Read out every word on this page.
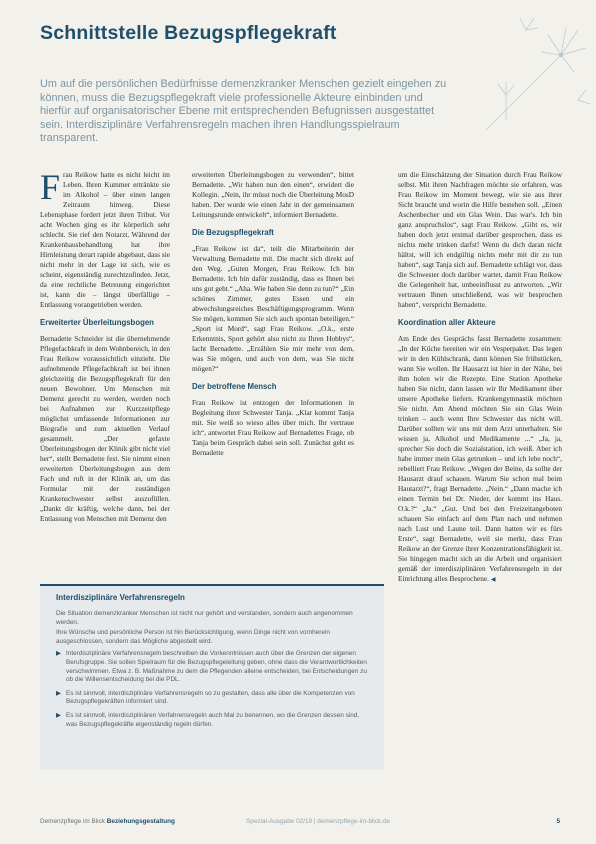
Schnittstelle Bezugspflegekraft
Um auf die persönlichen Bedürfnisse demenzkranker Menschen gezielt eingehen zu können, muss die Bezugspflegekraft viele professionelle Akteure einbinden und hierfür auf organisatorischer Ebene mit entsprechenden Befugnissen ausgestattet sein. Interdisziplinäre Verfahrensregeln machen ihren Handlungsspielraum transparent.

Frau Reikow hatte es nicht leicht im Leben. Ihren Kummer ertränkte sie im Alkohol – über einen langen Zeitraum hinweg. Diese Lebensphase fordert jetzt ihren Tribut. Vor acht Wochen ging es ihr körperlich sehr schlecht. Sie rief den Notarzt. Während der Krankenhausbehandlung hat ihre Hirnleistung derart rapide abgebaut, dass sie nicht mehr in der Lage ist sich, wie es scheint, eigenständig zurechtzufinden. Jetzt, da eine rechtliche Betreuung eingerichtet ist, kann die – längst überfällige – Entlassung vorangetrieben werden.

Erweiterter Überleitungsbogen

Bernadette Schneider ist die übernehmende Pflegefachkraft in dem Wohnbereich, in den Frau Reikow voraussichtlich einzieht. Die aufnehmende Pflegefachkraft ist bei ihnen gleichzeitig die Bezugspflegekraft für den neuen Bewohner. Um Menschen mit Demenz gerecht zu werden, werden noch bei Aufnahmen zur Kurzzeitpflege möglichst umfassende Informationen zur Biografie und zum aktuellen Verlauf gesammelt. „Der gefaxte Überleitungsbogen der Klinik gibt nicht viel her“, stellt Bernadette fest. Sie nimmt einen erweiterten Überleitungsbogen aus dem Fach und ruft in der Klinik an, um das Formular mit der zuständigen Krankenschwester selbst auszufüllen. „Dankt dir kräftig, welche dann, bei der Entlassung von Menschen mit Demenz den

erweiterten Überleitungsbogen zu verwenden“, bittet Bernadette. „Wir haben nun den einen“, erwidert die Kollegin. „Nein, ihr müsst noch die Überleitung MosD haben. Der wurde wie einen Jahr in der gemeinsamen Leitungsrunde entwickelt“, informiert Bernadette.

Die Bezugspflegekraft

„Frau Reikow ist da“, teilt die Mitarbeiterin der Verwaltung Bernadette mit. Die macht sich direkt auf den Weg. „Guten Morgen, Frau Reikow. Ich bin Bernadette. Ich bin dafür zuständig, dass es Ihnen bei uns gut geht.“ „Aha. Wie haben Sie denn zu tun?“ „Ein schönes Zimmer, gutes Essen und ein abwechslungsreiches Beschäftigungsprogramm. Wenn Sie mögen, kommen Sie sich auch spontan beteiligen.“ „Sport ist Mord“, sagt Frau Reikow. „O.k., erste Erkenntnis, Sport gehört also nicht zu Ihren Hobbys“, lacht Bernadette. „Erzählen Sie mir mehr von dem, was Sie mögen, und auch von dem, was Sie nicht mögen?“

Der betroffene Mensch

Frau Reikow ist entzogen der Informationen in Begleitung ihrer Schwester Tanja. „Klar kommt Tanja mit. Sie weiß so wieso alles über mich. Ihr vertraue ich“, antwortet Frau Reikow auf Bernadettes Frage, ob Tanja beim Gespräch dabei sein soll. Zunächst geht es Bernadette

um die Einschätzung der Situation durch Frau Reikow selbst. Mit ihren Nachfragen möchte sie erfahren, was Frau Reikow im Moment bewegt, wie sie aus ihrer Sicht braucht und worin die Hilfe bestehen soll. „Einen Aschenbecher und ein Glas Wein. Das war's. Ich bin ganz anspruchslos“, sagt Frau Reikow. „Gibt es, wir haben doch jetzt erstmal darüber gesprochen, dass es nichts mehr trinken darfst! Wenn du dich daran nicht hältst, will ich endgültig nichts mehr mit dir zu tun haben“, sagt Tanja sich auf. Bernadette schlägt vor, dass die Schwester doch darüber wartet, damit Frau Reikow die Gelegenheit hat, unbeeinflusst zu antworten. „Wir vertrauen Ihnen unschließend, was wir besprochen haben“, verspricht Bernadette.

Koordination aller Akteure

Am Ende des Gesprächs fasst Bernadette zusammen: „In der Küche bereiten wir ein Vesperpaket. Das legen wir in den Kühlschrank, dann können Sie frühstücken, wann Sie wollen. Ihr Hausarzt ist hier in der Nähe, bei ihm holen wir die Rezepte. Eine Station Apotheke haben Sie nicht, dann lassen wir Ihr Medikament über unsere Apotheke liefern. Krankengymnastik möchten Sie nicht. Am Abend möchten Sie ein Glas Wein trinken – auch wenn Ihre Schwester das nicht will. Darüber sollten wir uns mit dem Arzt unterhalten. Sie wissen ja, Alkohol und Medikamente ...“ „Ja, ja, sprecher Sie doch die Sozialstation, ich weiß. Aber ich habe immer mein Glas getrunken – und ich lebe noch“, rebelliert Frau Reikow. „Wegen der Beine, da sollte der Hausarzt drauf schauen. Warum Sie schon mal beim Hautarzt?“, fragt Bernadette. „Nein.“ „Dann mache ich einen Termin bei Dr. Nieder, der kommt ins Haus. O.k.?“ „Ja.“ „Gut. Und bei den Freizeitangeboten schauen Sie einfach auf dem Plan nach und nehmen nach Lust und Laune teil. Dann hatten wir es fürs Erste“, sagt Bernadette, weil sie merkt, dass Frau Reikow an der Grenze ihrer Konzentrationsfähigkeit ist. Sie hingegen macht sich an die Arbeit und organisiert gemäß der interdisziplinären Verfahrensregeln in der Einrichtung alles Besprochene. ◀

Interdisziplinäre Verfahrensregeln

Die Situation demenzkranker Menschen ist nicht nur gehört und verstanden, sondern auch angenommen werden.

Ihre Wünsche und persönliche Person ist hin Berücksichtigung, wenn Dinge nicht von vornherein ausgeschlossen, sondern das Mögliche abgestellt wird.

▶ Interdisziplinäre Verfahrensregeln beschreiben die Vorkenntnissen auch über die Grenzen der eigenen Berufsgruppe. Sie sollen Spielraum für die Bezugspflegeleitung geben, ohne dass die Verantwortlichkeiten verschwimmen. Etwa z. B. Maßnahme zu dem die Pflegenden alleine entscheiden, bei Entscheidungen zu ob die Willensentscheidung bei die PDL.
▶ Es ist sinnvoll, interdisziplinäre Verfahrensregeln so zu gestalten, dass alle über die Kompetenzen von Bezugspflegekräften informiert sind.
▶ Es ist sinnvoll, interdisziplinären Verfahrensregeln auch Mal zu benennen, wo die Grenzen dessen sind, was Bezugspflegekräfte eigenständig regeln dürfen.
Demenzpflege im Blick Beziehungsgestaltung	Spezial-Ausgabe 02/18 | demenzpflege-im-blick.de	5
